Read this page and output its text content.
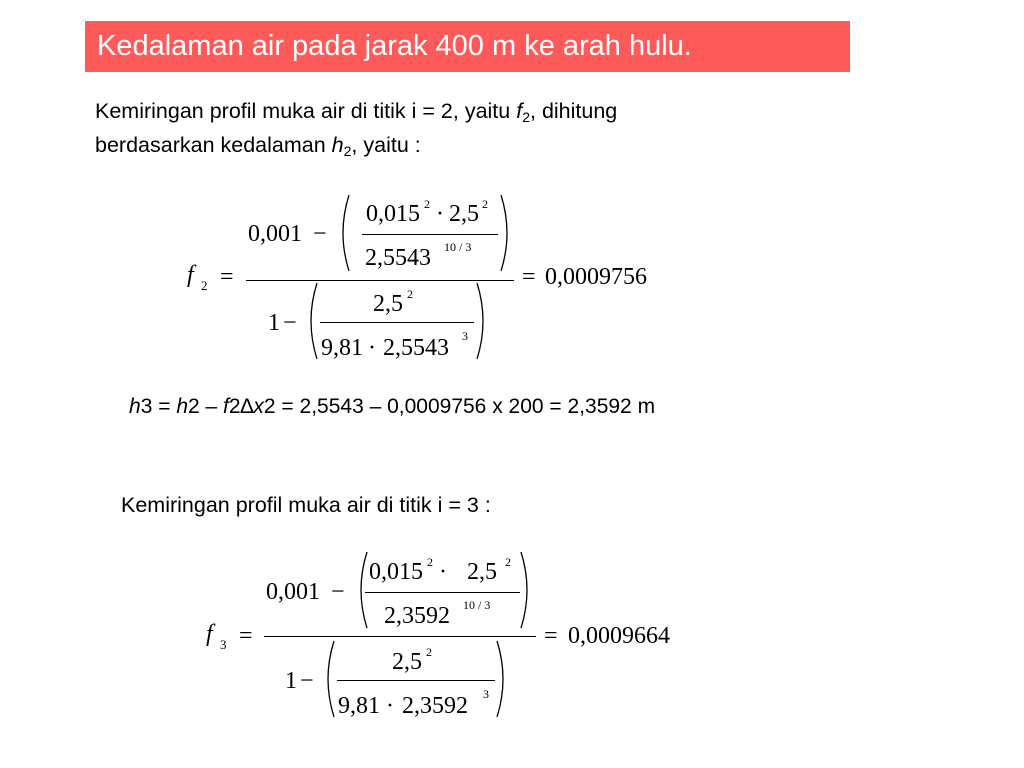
Kedalaman air pada jarak 400 m ke arah hulu.
Kemiringan profil muka air di titik i = 2, yaitu $f_2$, dihitung
berdasarkan kedalaman $h_2$, yaitu :
f 2 =
0,001 −
0,015 2 · 2,5 2
2,5543 10 / 3
1 −
2,5 2
9,81 · 2,5543 3
= 0,0009756
h3 = h2 – f2∆x2 = 2,5543 – 0,0009756 x 200 = 2,3592 m
Kemiringan profil muka air di titik i = 3 :
f 3 =
0,001 −
0,015 2 · 2,5 2
2,3592 10 / 3
1 −
2,5 2
9,81 · 2,3592 3
= 0,0009664
